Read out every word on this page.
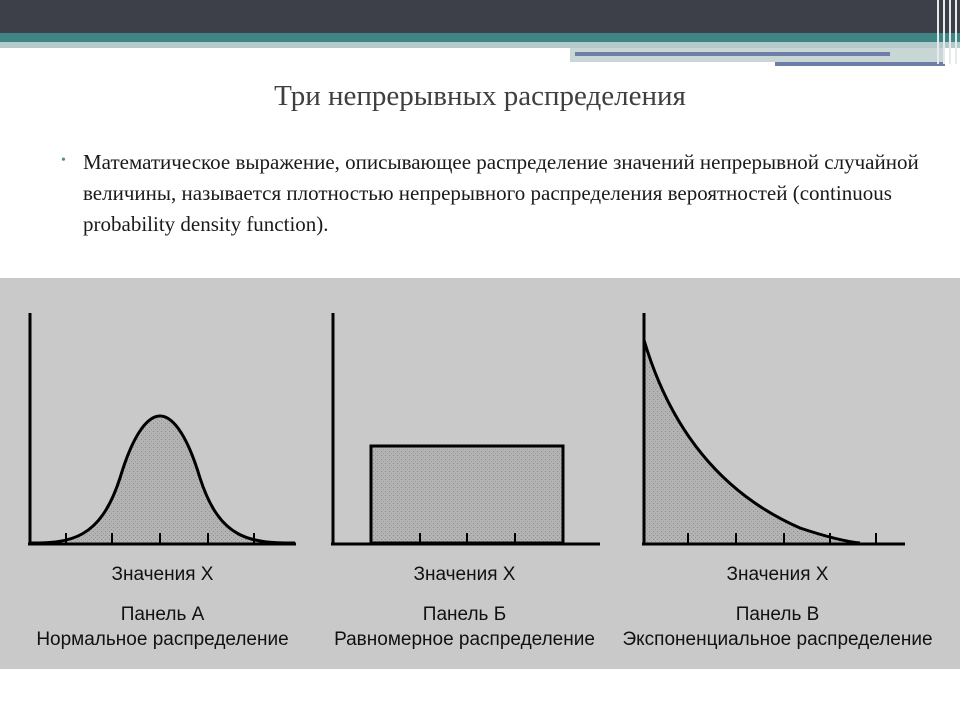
Три непрерывных распределения
• Математическое выражение, описывающее распределение значений непрерывной случайной величины, называется плотностью непрерывного распределения вероятностей (continuous probability density function).
Значения X
Панель А
Нормальное распределение
Значения X
Панель Б
Равномерное распределение
Значения X
Панель В
Экспоненциальное распределение
